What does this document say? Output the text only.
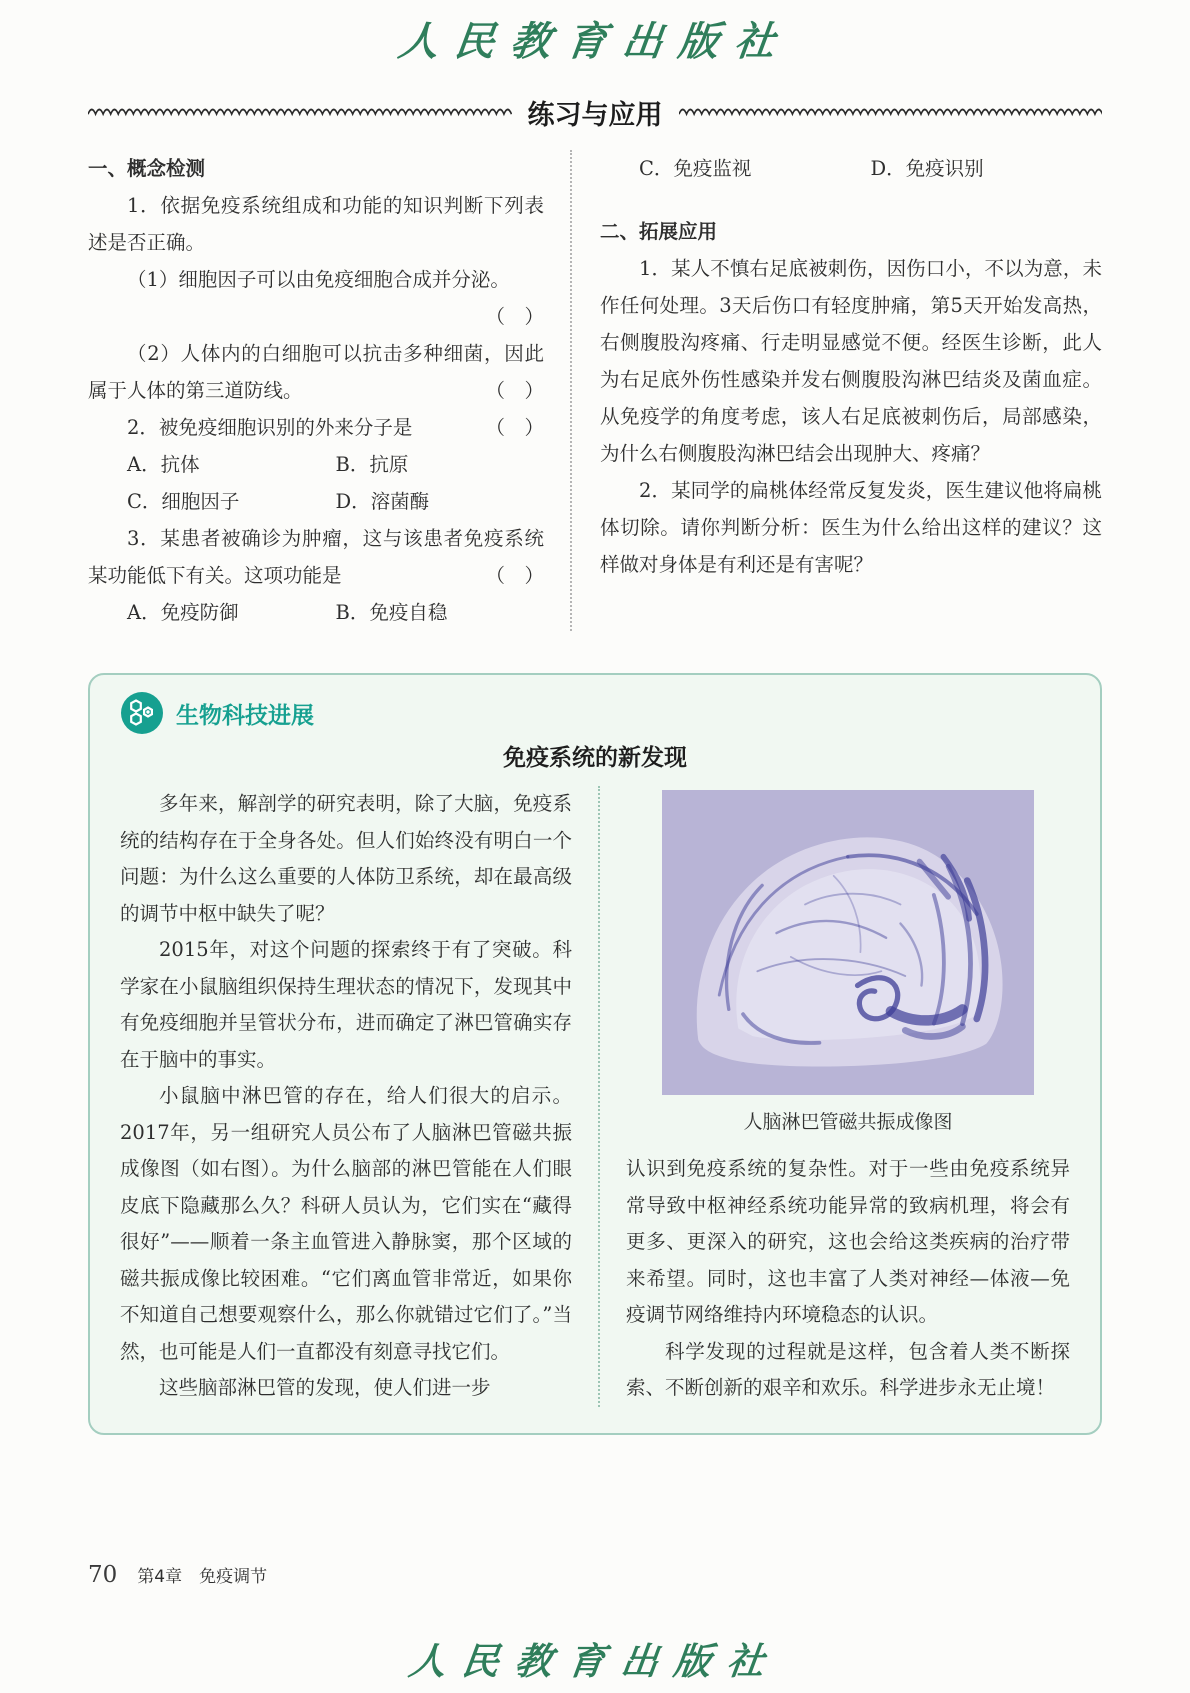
人民教育出版社
练习与应用

一、概念检测

1．依据免疫系统组成和功能的知识判断下列表述是否正确。

（1）细胞因子可以由免疫细胞合成并分泌。

（　）

（2）人体内的白细胞可以抗击多种细菌，因此属于人体的第三道防线。	（　）

2．被免疫细胞识别的外来分子是	（　）

A．抗体	B．抗原
C．细胞因子	D．溶菌酶

3．某患者被确诊为肿瘤，这与该患者免疫系统某功能低下有关。这项功能是	（　）

A．免疫防御	B．免疫自稳
C．免疫监视	D．免疫识别

二、拓展应用

1．某人不慎右足底被刺伤，因伤口小，不以为意，未作任何处理。3天后伤口有轻度肿痛，第5天开始发高热，右侧腹股沟疼痛、行走明显感觉不便。经医生诊断，此人为右足底外伤性感染并发右侧腹股沟淋巴结炎及菌血症。从免疫学的角度考虑，该人右足底被刺伤后，局部感染，为什么右侧腹股沟淋巴结会出现肿大、疼痛？

2．某同学的扁桃体经常反复发炎，医生建议他将扁桃体切除。请你判断分析：医生为什么给出这样的建议？这样做对身体是有利还是有害呢？

生物科技进展
免疫系统的新发现

多年来，解剖学的研究表明，除了大脑，免疫系统的结构存在于全身各处。但人们始终没有明白一个问题：为什么这么重要的人体防卫系统，却在最高级的调节中枢中缺失了呢？

2015年，对这个问题的探索终于有了突破。科学家在小鼠脑组织保持生理状态的情况下，发现其中有免疫细胞并呈管状分布，进而确定了淋巴管确实存在于脑中的事实。

小鼠脑中淋巴管的存在，给人们很大的启示。2017年，另一组研究人员公布了人脑淋巴管磁共振成像图（如右图）。为什么脑部的淋巴管能在人们眼皮底下隐藏那么久？科研人员认为，它们实在“藏得很好”——顺着一条主血管进入静脉窦，那个区域的磁共振成像比较困难。“它们离血管非常近，如果你不知道自己想要观察什么，那么你就错过它们了。”当然，也可能是人们一直都没有刻意寻找它们。

这些脑部淋巴管的发现，使人们进一步

人脑淋巴管磁共振成像图

认识到免疫系统的复杂性。对于一些由免疫系统异常导致中枢神经系统功能异常的致病机理，将会有更多、更深入的研究，这也会给这类疾病的治疗带来希望。同时，这也丰富了人类对神经—体液—免疫调节网络维持内环境稳态的认识。

科学发现的过程就是这样，包含着人类不断探索、不断创新的艰辛和欢乐。科学进步永无止境！

70 第4章　免疫调节
人民教育出版社
